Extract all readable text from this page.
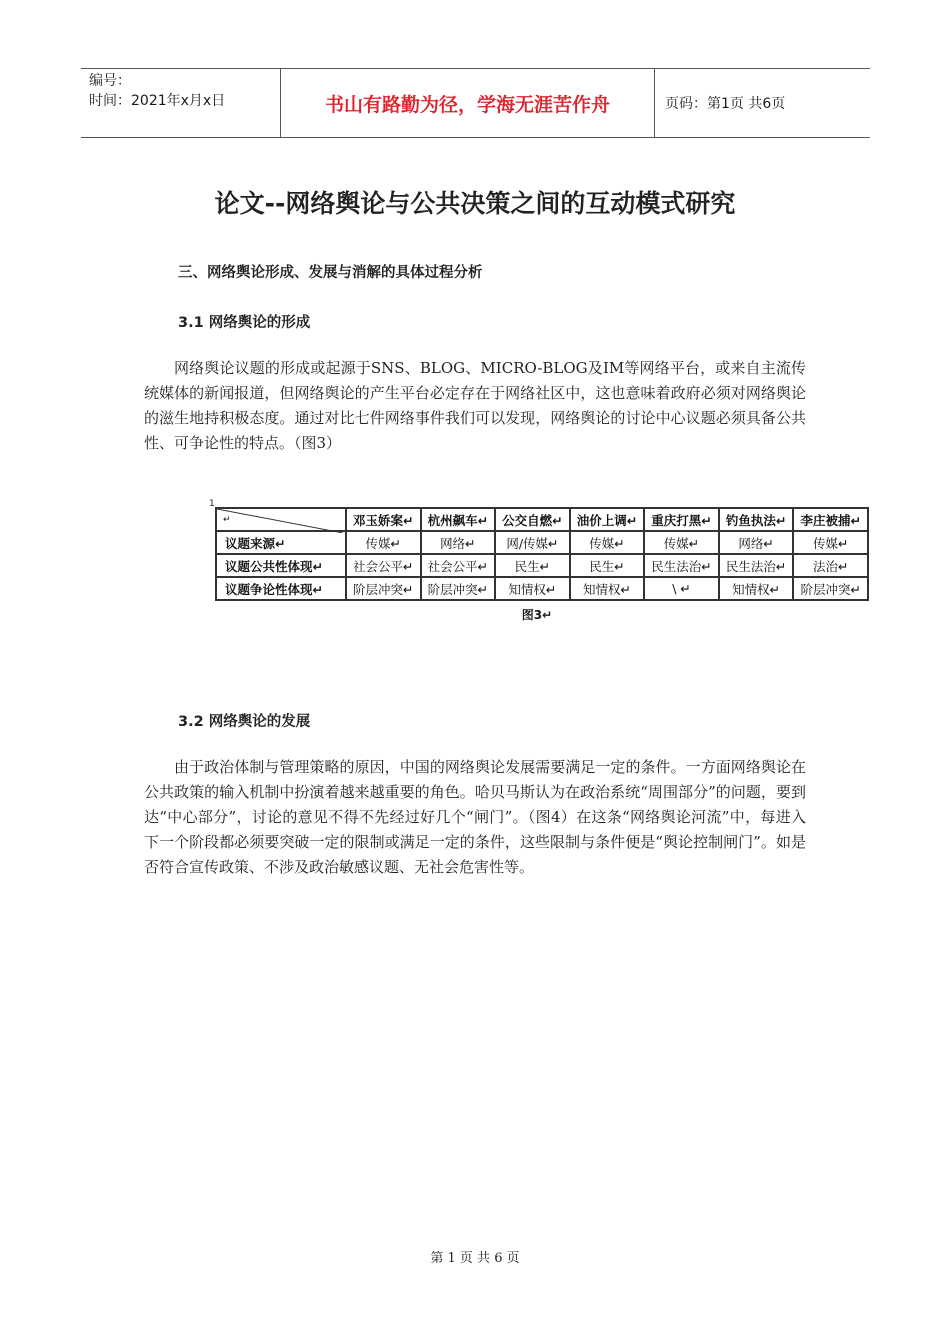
编号：
时间：2021年x月x日	书山有路勤为径，学海无涯苦作舟	页码：第1页 共6页
论文--网络舆论与公共决策之间的互动模式研究
三、网络舆论形成、发展与消解的具体过程分析
3.1 网络舆论的形成
网络舆论议题的形成或起源于SNS、BLOG、MICRO-BLOG及IM等网络平台，或来自主流传统媒体的新闻报道，但网络舆论的产生平台必定存在于网络社区中，这也意味着政府必须对网络舆论的滋生地持积极态度。通过对比七件网络事件我们可以发现，网络舆论的讨论中心议题必须具备公共性、可争论性的特点。（图3）
1
↵	邓玉娇案↵	杭州飙车↵	公交自燃↵	油价上调↵	重庆打黑↵	钓鱼执法↵	李庄被捕↵
议题来源↵	传媒↵	网络↵	网/传媒↵	传媒↵	传媒↵	网络↵	传媒↵
议题公共性体现↵	社会公平↵	社会公平↵	民生↵	民生↵	民生法治↵	民生法治↵	法治↵
议题争论性体现↵	阶层冲突↵	阶层冲突↵	知情权↵	知情权↵	\ ↵	知情权↵	阶层冲突↵
图3↵
3.2 网络舆论的发展
由于政治体制与管理策略的原因，中国的网络舆论发展需要满足一定的条件。一方面网络舆论在公共政策的输入机制中扮演着越来越重要的角色。哈贝马斯认为在政治系统“周围部分”的问题，要到达“中心部分”，讨论的意见不得不先经过好几个“闸门”。（图4）在这条“网络舆论河流”中，每进入下一个阶段都必须要突破一定的限制或满足一定的条件，这些限制与条件便是“舆论控制闸门”。如是否符合宣传政策、不涉及政治敏感议题、无社会危害性等。
第 1 页 共 6 页
